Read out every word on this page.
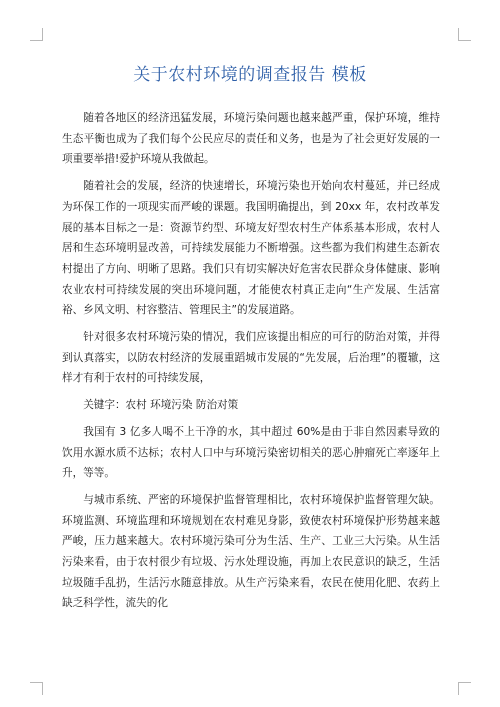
关于农村环境的调查报告 模板

随着各地区的经济迅猛发展，环境污染问题也越来越严重，保护环境，维持生态平衡也成为了我们每个公民应尽的责任和义务，也是为了社会更好发展的一项重要举措!爱护环境从我做起。

随着社会的发展，经济的快速增长，环境污染也开始向农村蔓延，并已经成为环保工作的一项现实而严峻的课题。我国明确提出，到 20xx 年，农村改革发展的基本目标之一是：资源节约型、环境友好型农村生产体系基本形成，农村人居和生态环境明显改善，可持续发展能力不断增强。这些都为我们构建生态新农村提出了方向、明晰了思路。我们只有切实解决好危害农民群众身体健康、影响农业农村可持续发展的突出环境问题，才能使农村真正走向“生产发展、生活富裕、乡风文明、村容整洁、管理民主”的发展道路。

针对很多农村环境污染的情况，我们应该提出相应的可行的防治对策，并得到认真落实，以防农村经济的发展重蹈城市发展的“先发展，后治理”的覆辙，这样才有利于农村的可持续发展，

关键字：农村 环境污染 防治对策

我国有 3 亿多人喝不上干净的水，其中超过 60%是由于非自然因素导致的饮用水源水质不达标；农村人口中与环境污染密切相关的恶心肿瘤死亡率逐年上升，等等。

与城市系统、严密的环境保护监督管理相比，农村环境保护监督管理欠缺。环境监测、环境监理和环境规划在农村难见身影，致使农村环境保护形势越来越严峻，压力越来越大。农村环境污染可分为生活、生产、工业三大污染。从生活污染来看，由于农村很少有垃圾、污水处理设施，再加上农民意识的缺乏，生活垃圾随手乱扔，生活污水随意排放。从生产污染来看，农民在使用化肥、农药上缺乏科学性，流失的化
